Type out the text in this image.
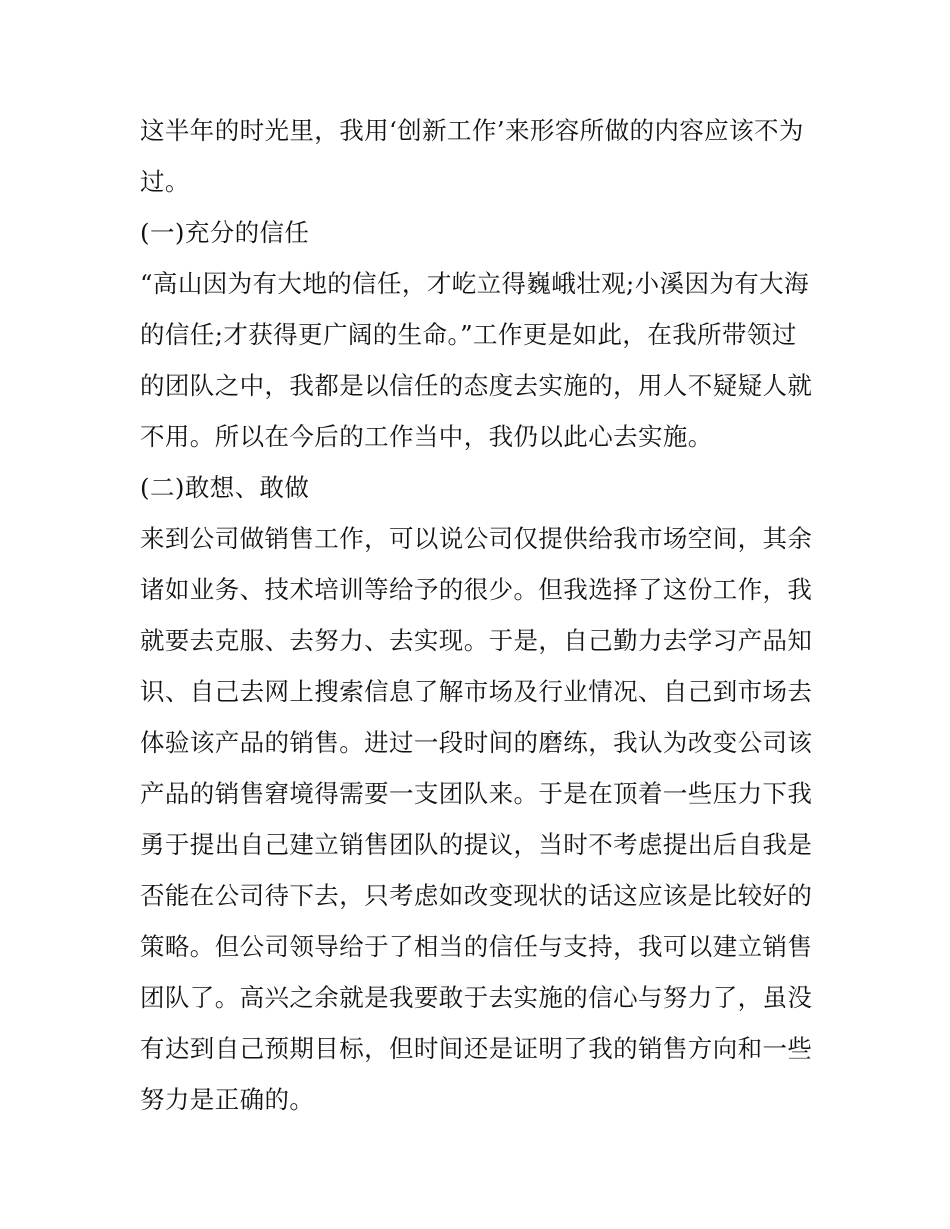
这半年的时光里，我用‘创新工作’来形容所做的内容应该不为
过。
(一)充分的信任
“高山因为有大地的信任，才屹立得巍峨壮观;小溪因为有大海
的信任;才获得更广阔的生命。”工作更是如此，在我所带领过
的团队之中，我都是以信任的态度去实施的，用人不疑疑人就
不用。所以在今后的工作当中，我仍以此心去实施。
(二)敢想、敢做
来到公司做销售工作，可以说公司仅提供给我市场空间，其余
诸如业务、技术培训等给予的很少。但我选择了这份工作，我
就要去克服、去努力、去实现。于是，自己勤力去学习产品知
识、自己去网上搜索信息了解市场及行业情况、自己到市场去
体验该产品的销售。进过一段时间的磨练，我认为改变公司该
产品的销售窘境得需要一支团队来。于是在顶着一些压力下我
勇于提出自己建立销售团队的提议，当时不考虑提出后自我是
否能在公司待下去，只考虑如改变现状的话这应该是比较好的
策略。但公司领导给于了相当的信任与支持，我可以建立销售
团队了。高兴之余就是我要敢于去实施的信心与努力了，虽没
有达到自己预期目标，但时间还是证明了我的销售方向和一些
努力是正确的。
